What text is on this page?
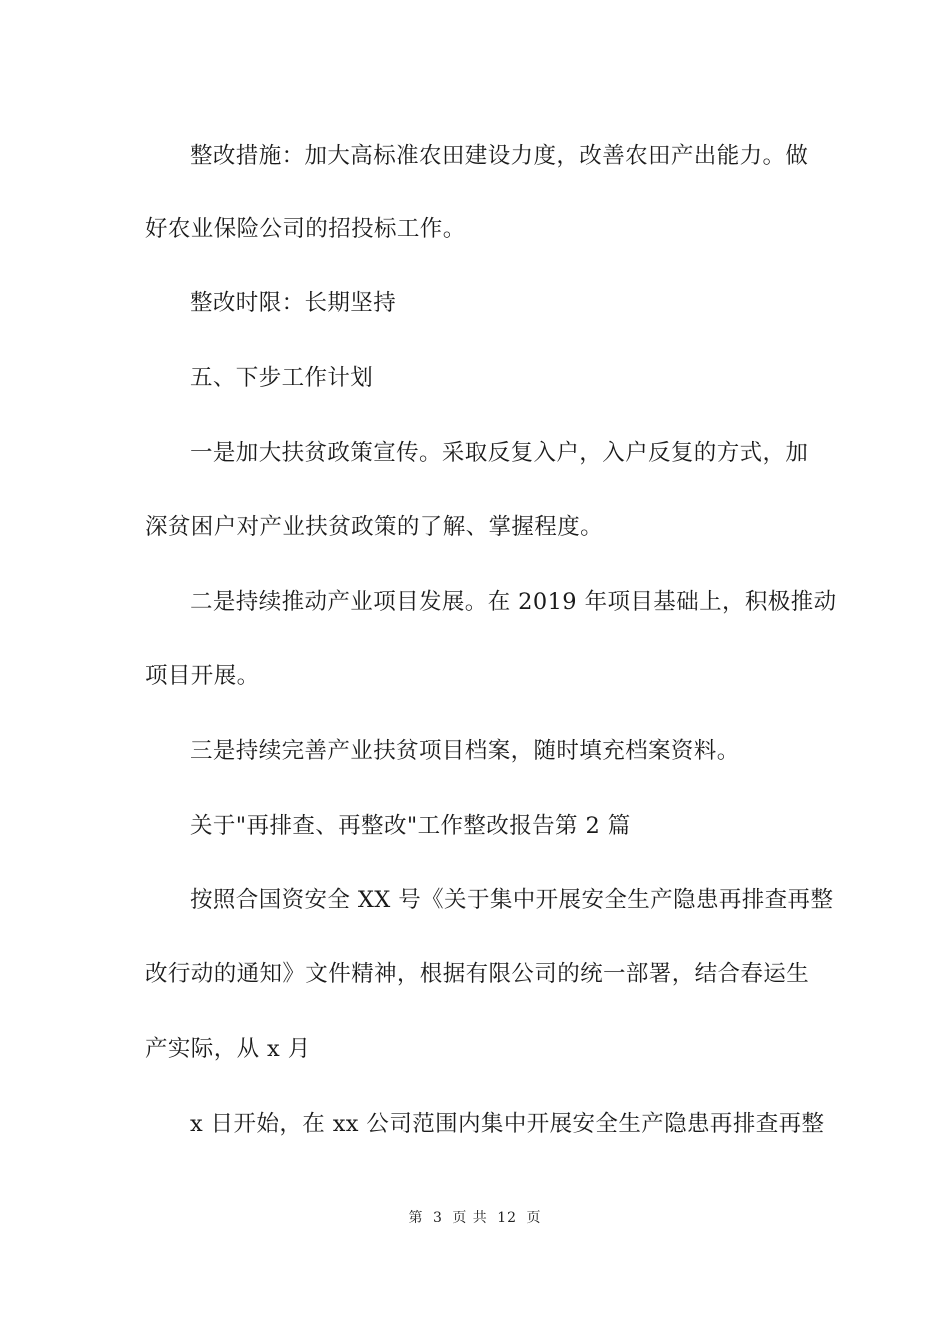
整改措施：加大高标准农田建设力度，改善农田产出能力。做
好农业保险公司的招投标工作。
整改时限：长期坚持
五、下步工作计划
一是加大扶贫政策宣传。采取反复入户，入户反复的方式，加
深贫困户对产业扶贫政策的了解、掌握程度。
二是持续推动产业项目发展。在 2019 年项目基础上，积极推动
项目开展。
三是持续完善产业扶贫项目档案，随时填充档案资料。
关于"再排查、再整改"工作整改报告第 2 篇
按照合国资安全 XX 号《关于集中开展安全生产隐患再排查再整
改行动的通知》文件精神，根据有限公司的统一部署，结合春运生
产实际，从 x 月
x 日开始，在 xx 公司范围内集中开展安全生产隐患再排查再整
第 3 页 共 12 页
